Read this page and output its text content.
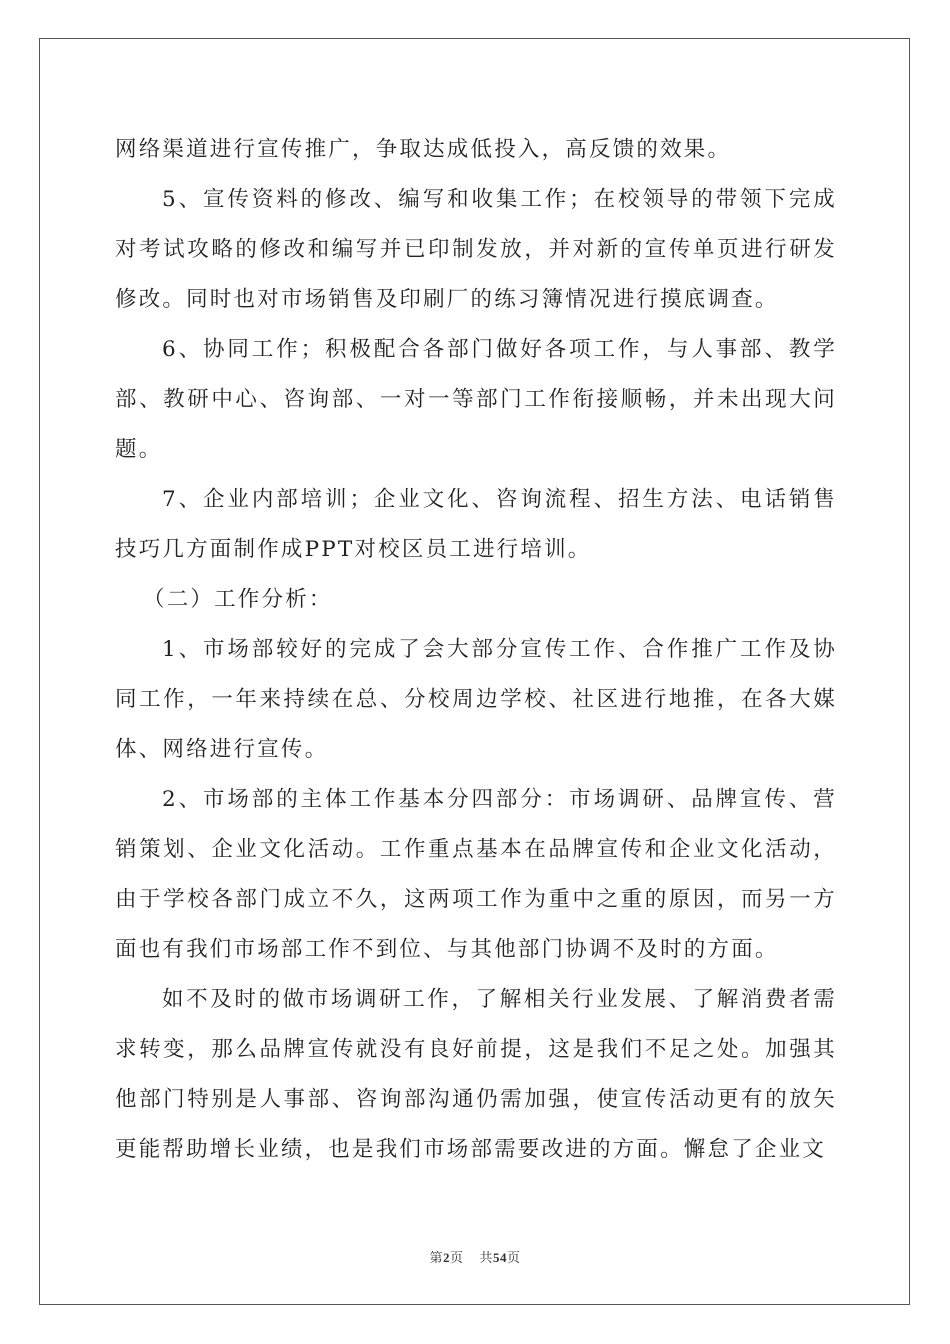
网络渠道进行宣传推广，争取达成低投入，高反馈的效果。

5、宣传资料的修改、编写和收集工作；在校领导的带领下完成对考试攻略的修改和编写并已印制发放，并对新的宣传单页进行研发修改。同时也对市场销售及印刷厂的练习簿情况进行摸底调查。

6、协同工作；积极配合各部门做好各项工作，与人事部、教学部、教研中心、咨询部、一对一等部门工作衔接顺畅，并未出现大问题。

7、企业内部培训；企业文化、咨询流程、招生方法、电话销售技巧几方面制作成PPT对校区员工进行培训。

（二）工作分析：

1、市场部较好的完成了会大部分宣传工作、合作推广工作及协同工作，一年来持续在总、分校周边学校、社区进行地推，在各大媒体、网络进行宣传。

2、市场部的主体工作基本分四部分：市场调研、品牌宣传、营销策划、企业文化活动。工作重点基本在品牌宣传和企业文化活动，由于学校各部门成立不久，这两项工作为重中之重的原因，而另一方面也有我们市场部工作不到位、与其他部门协调不及时的方面。

如不及时的做市场调研工作，了解相关行业发展、了解消费者需求转变，那么品牌宣传就没有良好前提，这是我们不足之处。加强其他部门特别是人事部、咨询部沟通仍需加强，使宣传活动更有的放矢更能帮助增长业绩，也是我们市场部需要改进的方面。懈怠了企业文

第2页 共54页
